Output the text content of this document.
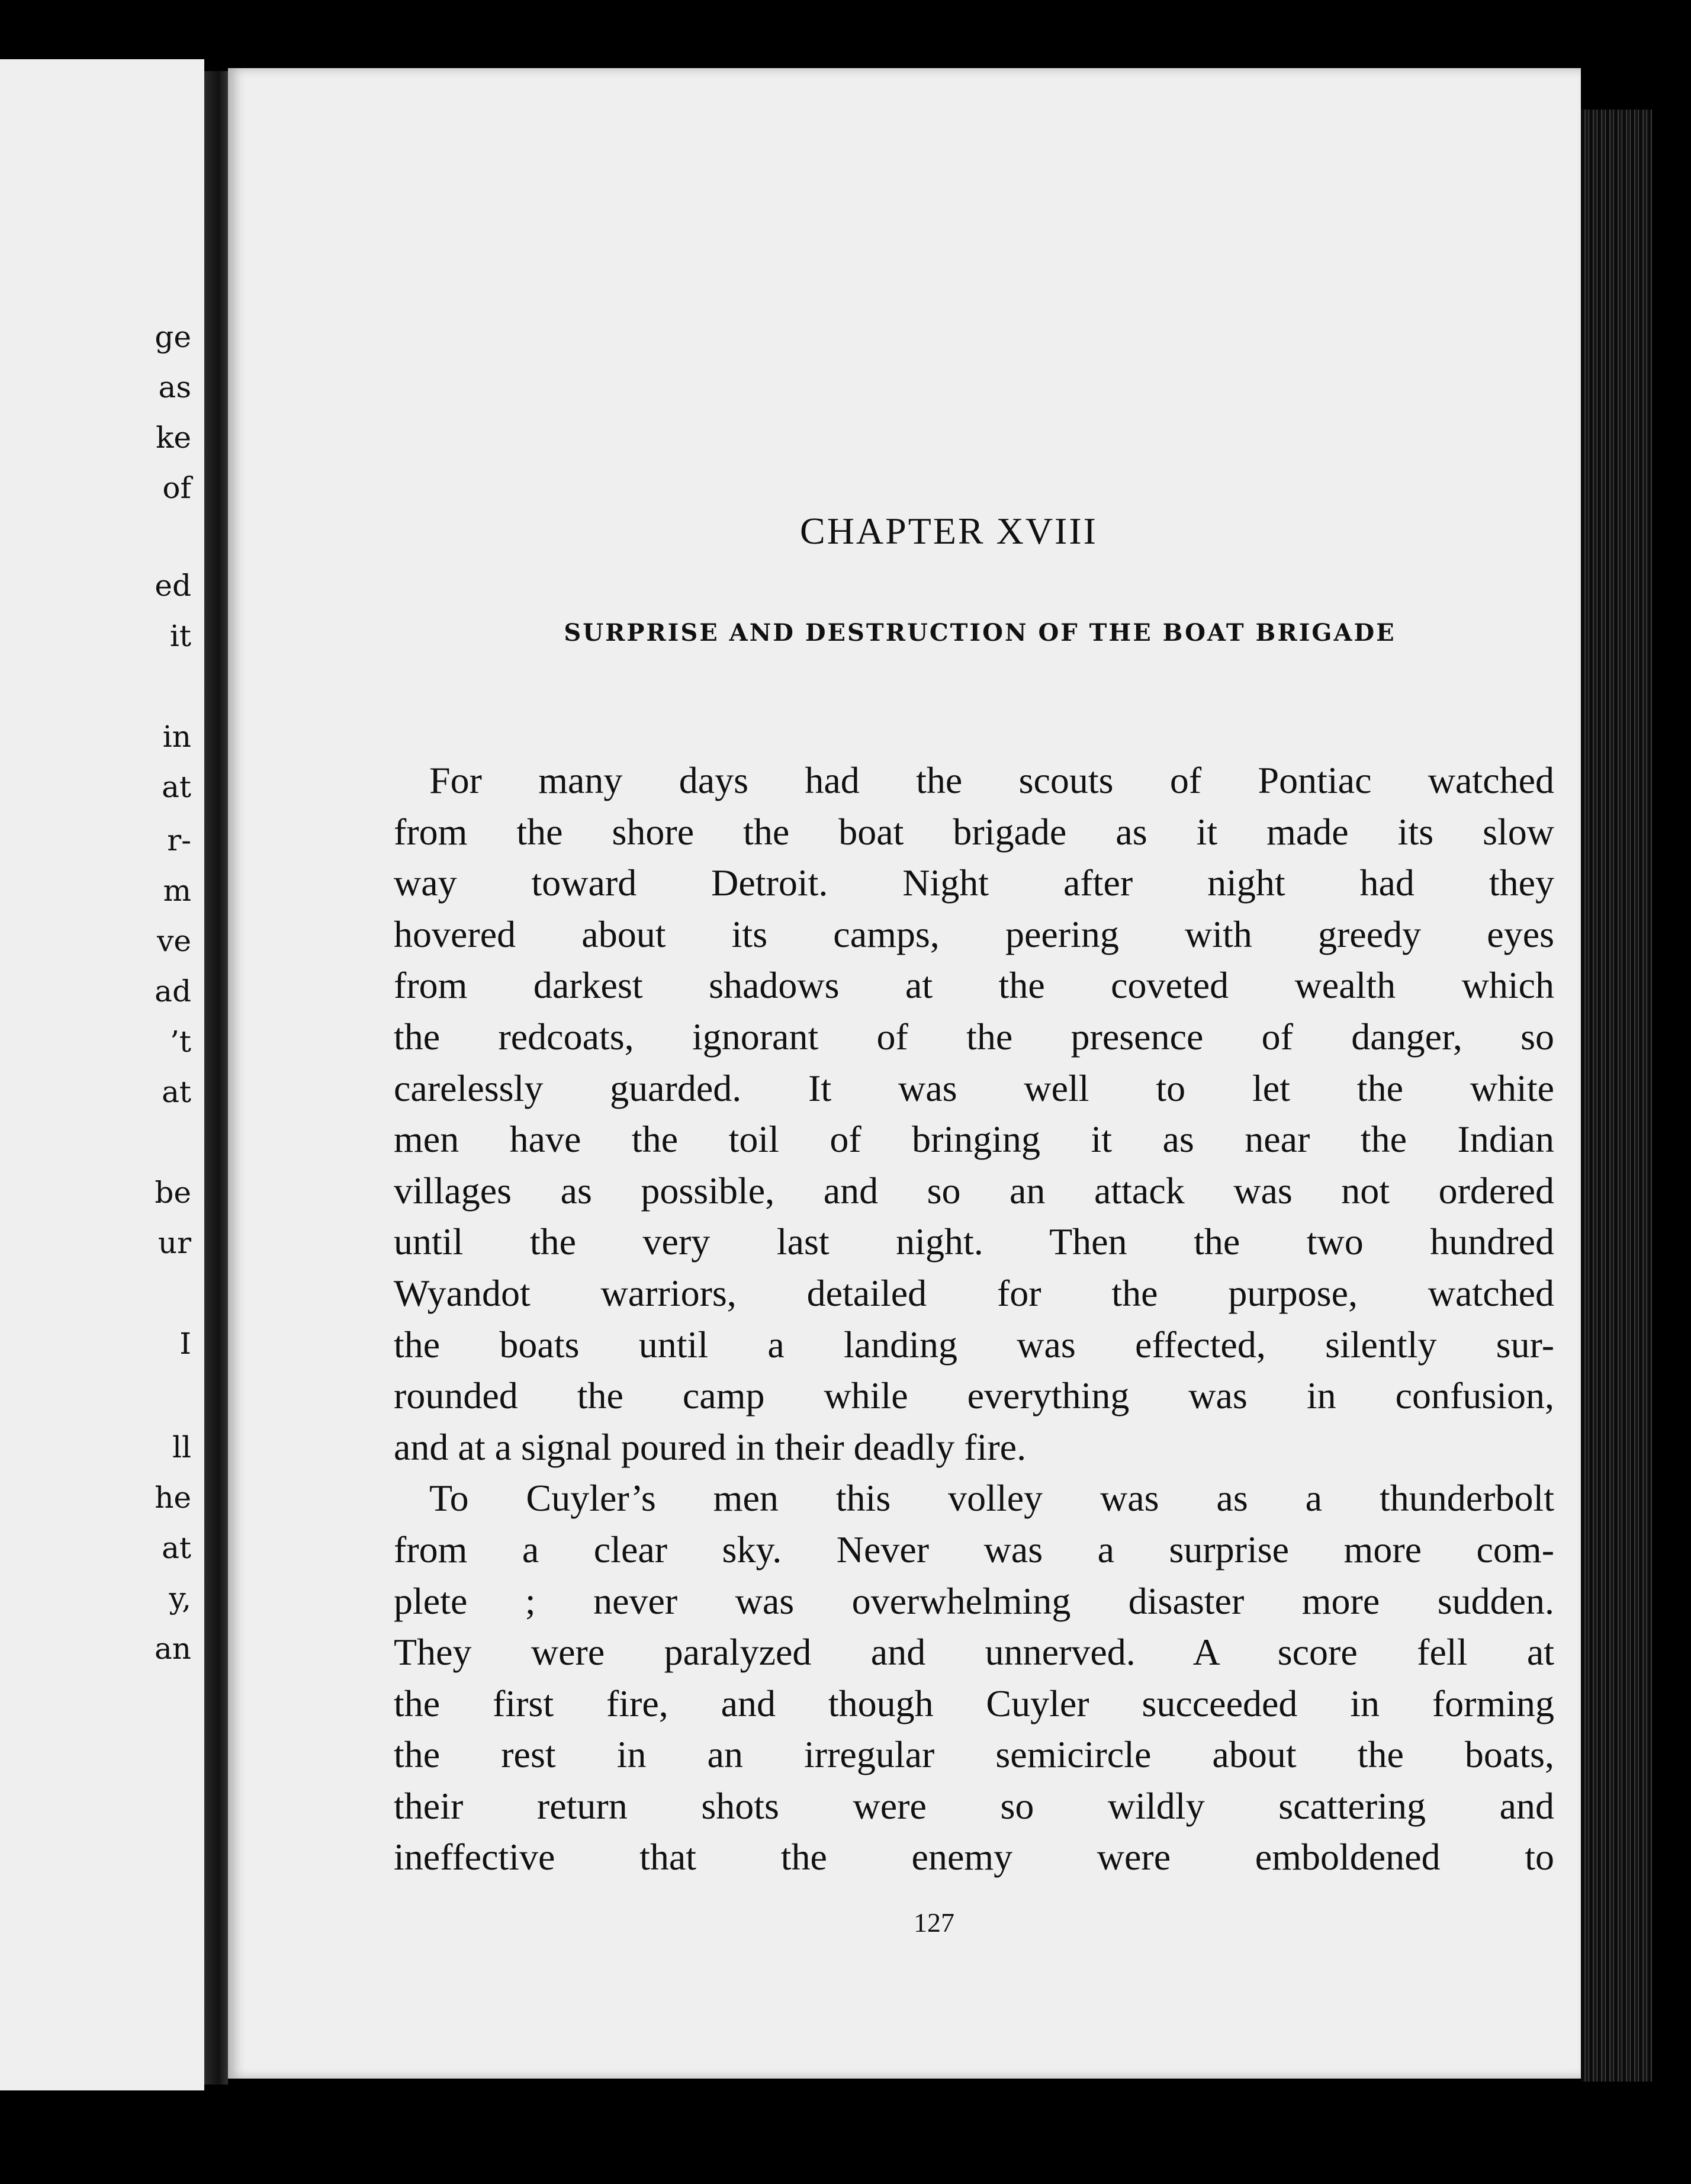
ge
as
ke
of
ed
it
in
at
r-
m
ve
ad
’t
at
be
ur
I
ll
he
at
y,
an
CHAPTER XVIII
SURPRISE AND DESTRUCTION OF THE BOAT BRIGADE
For many days had the scouts of Pontiac watched
from the shore the boat brigade as it made its slow
way toward Detroit. Night after night had they
hovered about its camps, peering with greedy eyes
from darkest shadows at the coveted wealth which
the redcoats, ignorant of the presence of danger, so
carelessly guarded. It was well to let the white
men have the toil of bringing it as near the Indian
villages as possible, and so an attack was not ordered
until the very last night. Then the two hundred
Wyandot warriors, detailed for the purpose, watched
the boats until a landing was effected, silently sur-
rounded the camp while everything was in confusion,
and at a signal poured in their deadly fire.
To Cuyler’s men this volley was as a thunderbolt
from a clear sky. Never was a surprise more com-
plete ; never was overwhelming disaster more sudden.
They were paralyzed and unnerved. A score fell at
the first fire, and though Cuyler succeeded in forming
the rest in an irregular semicircle about the boats,
their return shots were so wildly scattering and
ineffective that the enemy were emboldened to
127
